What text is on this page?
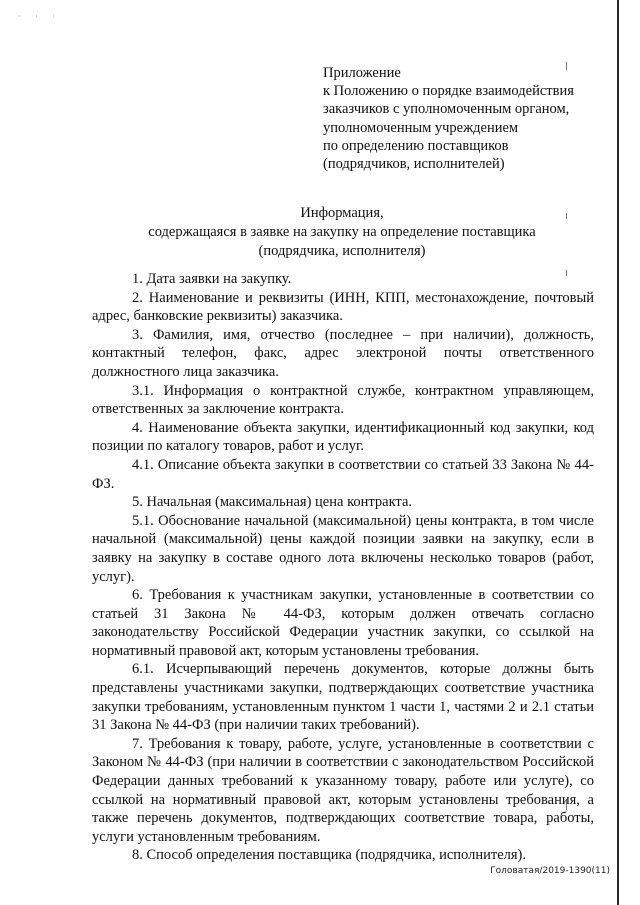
· · ·
Приложение
к Положению о порядке взаимодействия
заказчиков с уполномоченным органом,
уполномоченным учреждением
по определению поставщиков
(подрядчиков, исполнителей)
Информация,
содержащаяся в заявке на закупку на определение поставщика
(подрядчика, исполнителя)
1. Дата заявки на закупку.
2. Наименование и реквизиты (ИНН, КПП, местонахождение, почтовый адрес, банковские реквизиты) заказчика.
3. Фамилия, имя, отчество (последнее – при наличии), должность, контактный телефон, факс, адрес электроной почты ответственного должностного лица заказчика.
3.1. Информация о контрактной службе, контрактном управляющем, ответственных за заключение контракта.
4. Наименование объекта закупки, идентификационный код закупки, код позиции по каталогу товаров, работ и услуг.
4.1. Описание объекта закупки в соответствии со статьей 33 Закона № 44-ФЗ.
5. Начальная (максимальная) цена контракта.
5.1. Обоснование начальной (максимальной) цены контракта, в том числе начальной (максимальной) цены каждой позиции заявки на закупку, если в заявку на закупку в составе одного лота включены несколько товаров (работ, услуг).
6. Требования к участникам закупки, установленные в соответствии со статьей 31 Закона № 44-ФЗ, которым должен отвечать согласно законодательству Российской Федерации участник закупки, со ссылкой на нормативный правовой акт, которым установлены требования.
6.1. Исчерпывающий перечень документов, которые должны быть представлены участниками закупки, подтверждающих соответствие участника закупки требованиям, установленным пунктом 1 части 1, частями 2 и 2.1 статьи 31 Закона № 44-ФЗ (при наличии таких требований).
7. Требования к товару, работе, услуге, установленные в соответствии с Законом № 44-ФЗ (при наличии в соответствии с законодательством Российской Федерации данных требований к указанному товару, работе или услуге), со ссылкой на нормативный правовой акт, которым установлены требования, а также перечень документов, подтверждающих соответствие товара, работы, услуги установленным требованиям.
8. Способ определения поставщика (подрядчика, исполнителя).
Головатая/2019-1390(11)
